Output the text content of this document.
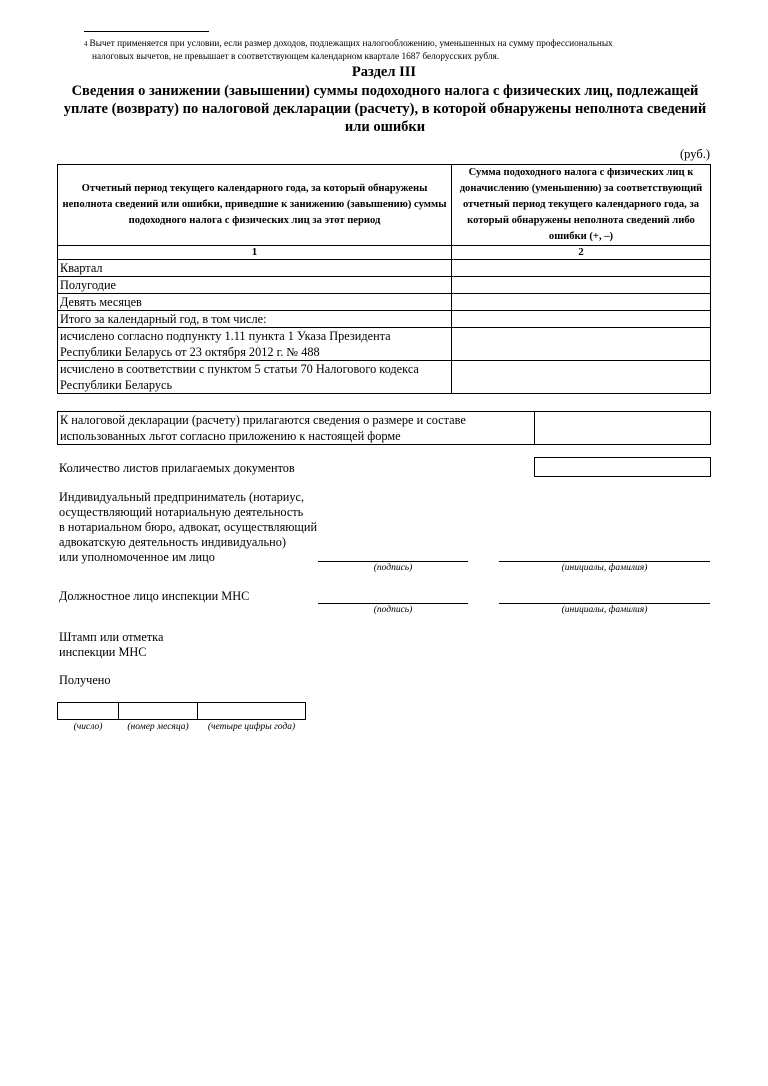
$^4$ Вычет применяется при условии, если размер доходов, подлежащих налогообложению, уменьшенных на сумму профессиональных
налоговых вычетов, не превышает в соответствующем календарном квартале 1687 белорусских рубля.
Раздел III
Сведения о занижении (завышении) суммы подоходного налога с физических лиц, подлежащей
уплате (возврату) по налоговой декларации (расчету), в которой обнаружены неполнота сведений
или ошибки
(руб.)
Отчетный период текущего календарного года, за который обнаружены неполнота сведений или ошибки, приведшие к занижению (завышению) суммы подоходного налога с физических лиц за этот период	Сумма подоходного налога с физических лиц к доначислению (уменьшению) за соответствующий отчетный период текущего календарного года, за который обнаружены неполнота сведений либо ошибки (+, –)
1	2
Квартал	
Полугодие	
Девять месяцев	
Итого за календарный год, в том числе:	
исчислено согласно подпункту 1.11 пункта 1 Указа Президента Республики Беларусь от 23 октября 2012 г. № 488	
исчислено в соответствии с пунктом 5 статьи 70 Налогового кодекса Республики Беларусь	
К налоговой декларации (расчету) прилагаются сведения о размере и составе использованных льгот согласно приложению к настоящей форме	
Количество листов прилагаемых документов
Индивидуальный предприниматель (нотариус,
осуществляющий нотариальную деятельность
в нотариальном бюро, адвокат, осуществляющий
адвокатскую деятельность индивидуально)
или уполномоченное им лицо
(подпись)	(инициалы, фамилия)
Должностное лицо инспекции МНС
(подпись)	(инициалы, фамилия)
Штамп или отметка
инспекции МНС
Получено
(число)	(номер месяца)	(четыре цифры года)
